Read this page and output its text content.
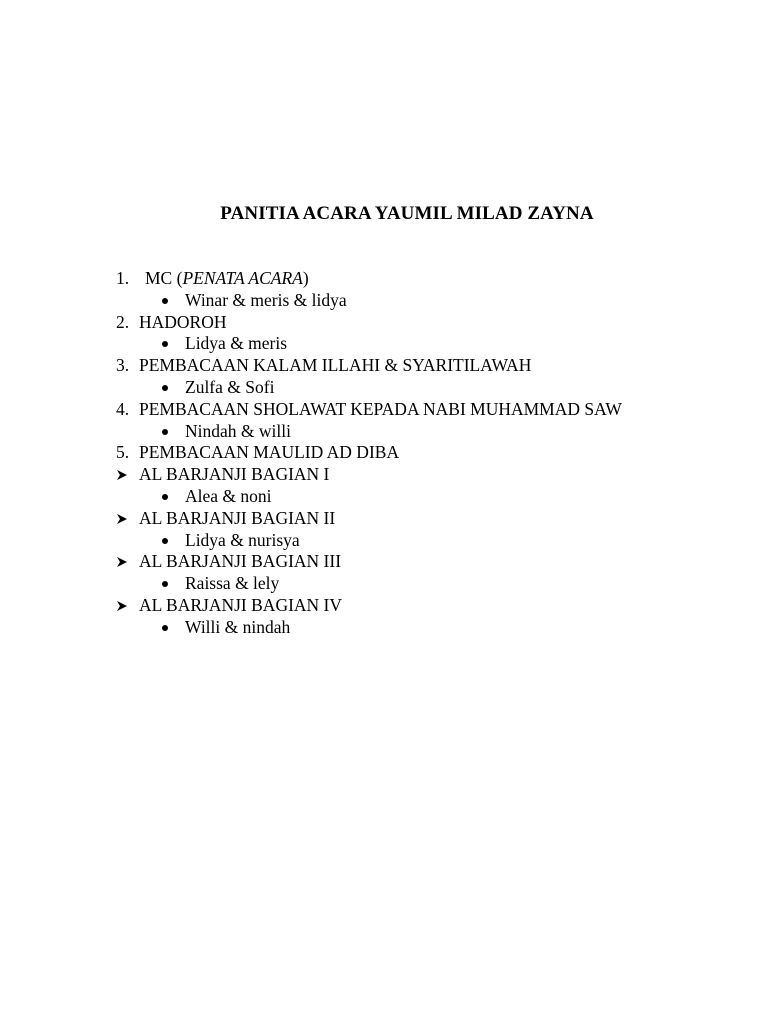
PANITIA ACARA YAUMIL MILAD ZAYNA
1. MC (PENATA ACARA)
Winar & meris & lidya
2. HADOROH
Lidya & meris
3. PEMBACAAN KALAM ILLAHI & SYARITILAWAH
Zulfa & Sofi
4. PEMBACAAN SHOLAWAT KEPADA NABI MUHAMMAD SAW
Nindah & willi
5. PEMBACAAN MAULID AD DIBA
AL BARJANJI BAGIAN I
Alea & noni
AL BARJANJI BAGIAN II
Lidya & nurisya
AL BARJANJI BAGIAN III
Raissa & lely
AL BARJANJI BAGIAN IV
Willi & nindah
